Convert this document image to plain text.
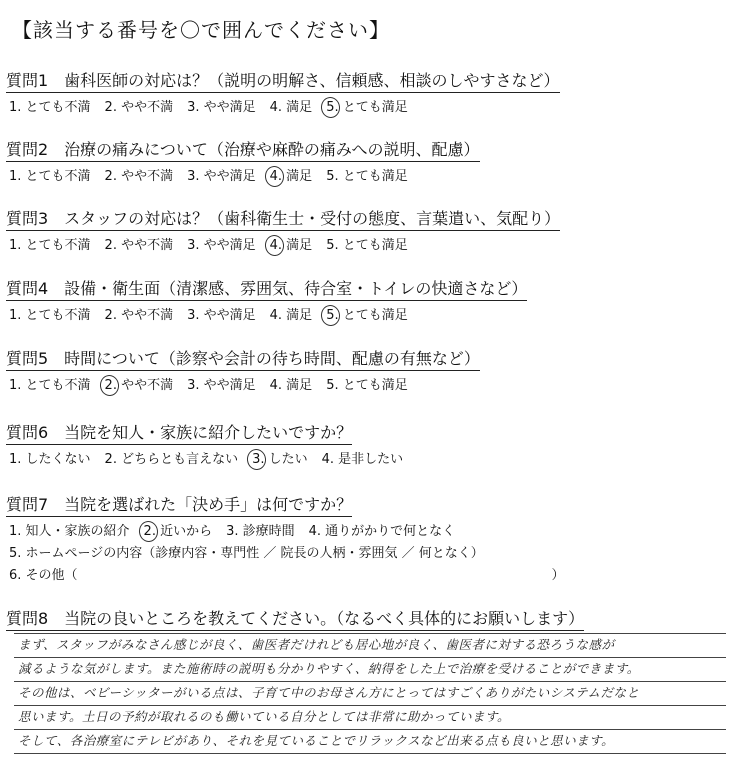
【該当する番号を〇で囲んでください】
質問1　歯科医師の対応は？（説明の明解さ、信頼感、相談のしやすさなど）
1. とても不満 2. やや不満 3. やや満足 4. 満足 5. とても満足
質問2　治療の痛みについて（治療や麻酔の痛みへの説明、配慮）
1. とても不満 2. やや不満 3. やや満足 4. 満足 5. とても満足
質問3　スタッフの対応は？（歯科衛生士・受付の態度、言葉遣い、気配り）
1. とても不満 2. やや不満 3. やや満足 4. 満足 5. とても満足
質問4　設備・衛生面（清潔感、雰囲気、待合室・トイレの快適さなど）
1. とても不満 2. やや不満 3. やや満足 4. 満足 5. とても満足
質問5　時間について（診察や会計の待ち時間、配慮の有無など）
1. とても不満 2. やや不満 3. やや満足 4. 満足 5. とても満足
質問6　当院を知人・家族に紹介したいですか？
1. したくない 2. どちらとも言えない 3. したい 4. 是非したい
質問7　当院を選ばれた「決め手」は何ですか？
1. 知人・家族の紹介 2. 近いから 3. 診療時間 4. 通りがかりで何となく
5. ホームページの内容（診療内容・専門性 ／ 院長の人柄・雰囲気 ／ 何となく）
6. その他（	）
質問8　当院の良いところを教えてください。（なるべく具体的にお願いします）
まず、スタッフがみなさん感じが良く、歯医者だけれども居心地が良く、歯医者に対する恐ろうな感が
減るような気がします。また施術時の説明も分かりやすく、納得をした上で治療を受けることができます。
その他は、ベビーシッターがいる点は、子育て中のお母さん方にとってはすごくありがたいシステムだなと
思います。土日の予約が取れるのも働いている自分としては非常に助かっています。
そして、各治療室にテレビがあり、それを見ていることでリラックスなど出来る点も良いと思います。
